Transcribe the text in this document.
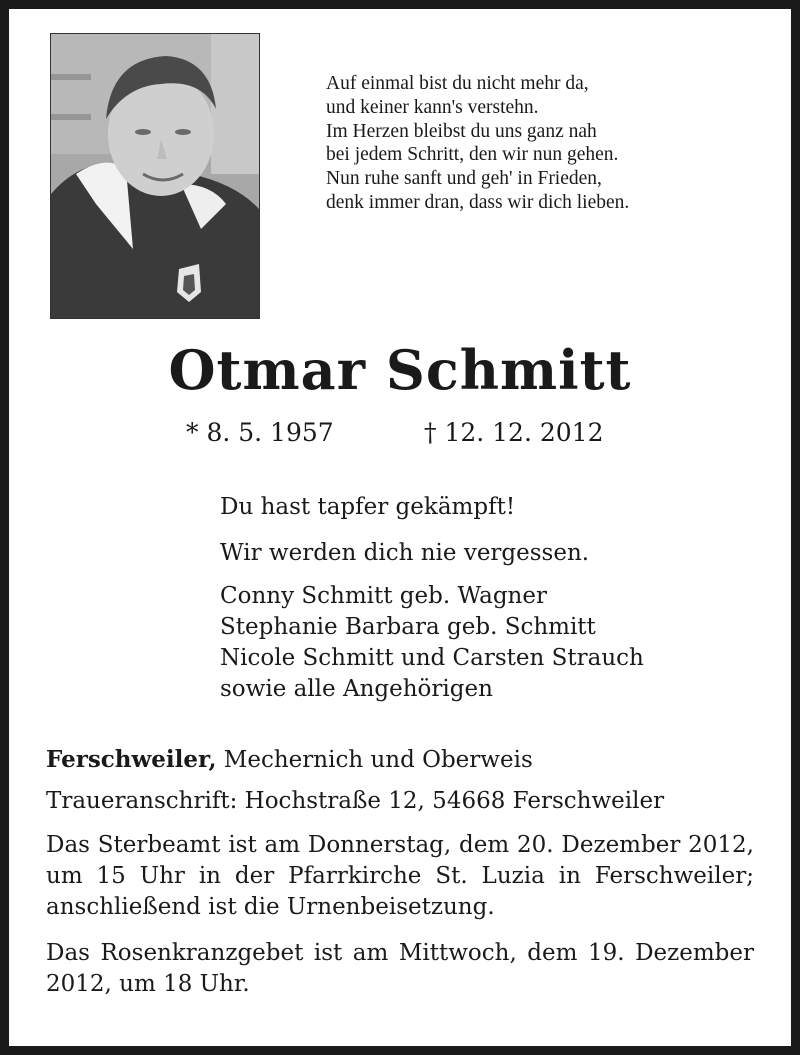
Auf einmal bist du nicht mehr da,
und keiner kann's verstehn.
Im Herzen bleibst du uns ganz nah
bei jedem Schritt, den wir nun gehen.
Nun ruhe sanft und geh' in Frieden,
denk immer dran, dass wir dich lieben.
Otmar Schmitt
* 8. 5. 1957	† 12. 12. 2012
Du hast tapfer gekämpft!
Wir werden dich nie vergessen.
Conny Schmitt geb. Wagner
Stephanie Barbara geb. Schmitt
Nicole Schmitt und Carsten Strauch
sowie alle Angehörigen
Ferschweiler, Mechernich und Oberweis
Traueranschrift: Hochstraße 12, 54668 Ferschweiler
Das Sterbeamt ist am Donnerstag, dem 20. Dezember 2012, um 15 Uhr in der Pfarrkirche St. Luzia in Ferschweiler; anschließend ist die Urnenbeisetzung.
Das Rosenkranzgebet ist am Mittwoch, dem 19. Dezember 2012, um 18 Uhr.
